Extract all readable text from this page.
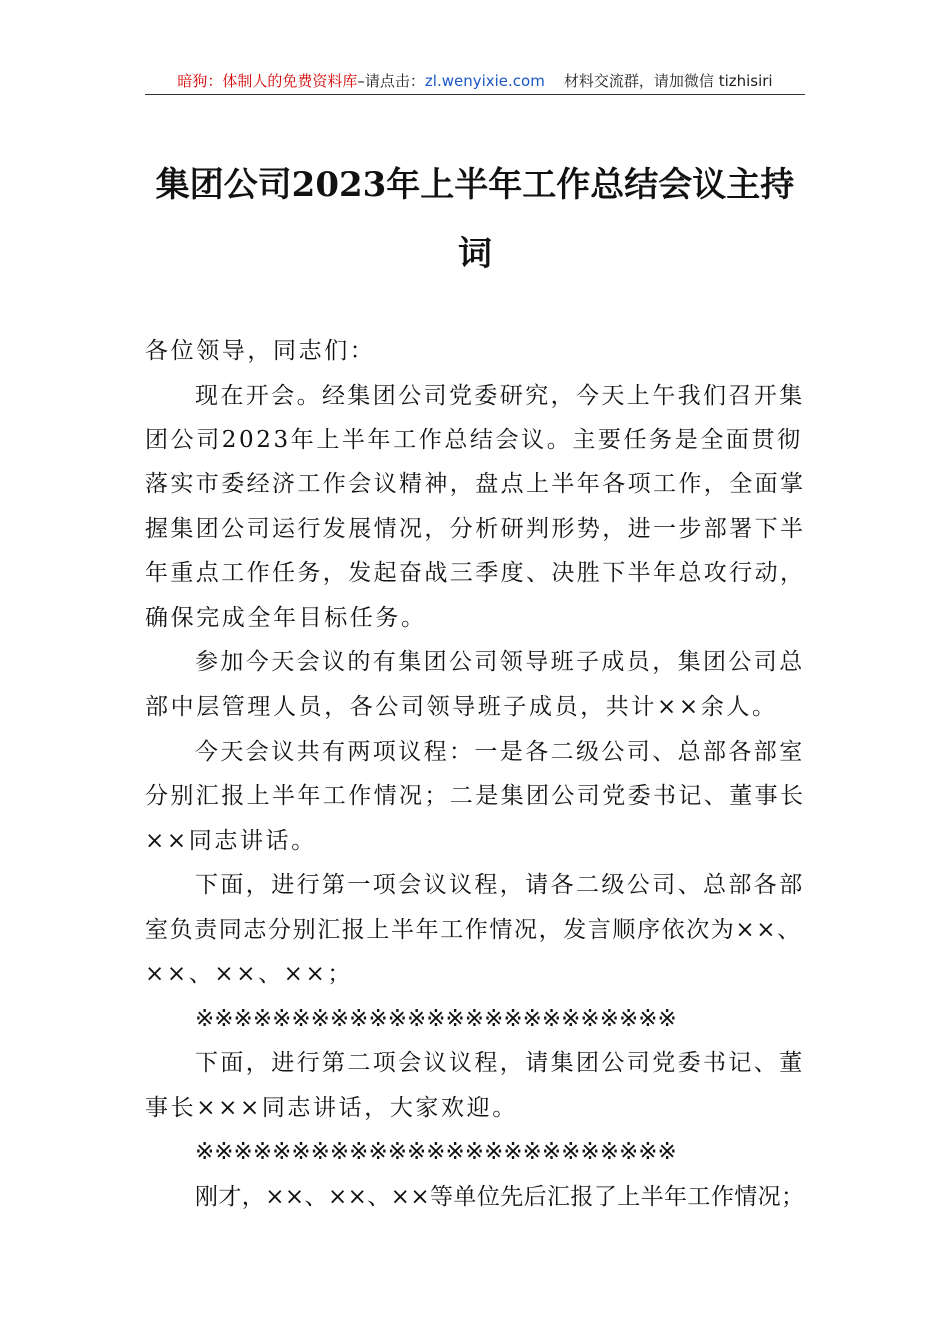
暗狗：体制人的免费资料库–请点击：zl.wenyixie.com 材料交流群，请加微信 tizhisiri
集团公司2023年上半年工作总结会议主持
词
各位领导，同志们：
现在开会。经集团公司党委研究，今天上午我们召开集
团公司2023年上半年工作总结会议。主要任务是全面贯彻
落实市委经济工作会议精神，盘点上半年各项工作，全面掌
握集团公司运行发展情况，分析研判形势，进一步部署下半
年重点工作任务，发起奋战三季度、决胜下半年总攻行动，
确保完成全年目标任务。
参加今天会议的有集团公司领导班子成员，集团公司总
部中层管理人员，各公司领导班子成员，共计××余人。
今天会议共有两项议程：一是各二级公司、总部各部室
分别汇报上半年工作情况；二是集团公司党委书记、董事长
××同志讲话。
下面，进行第一项会议议程，请各二级公司、总部各部
室负责同志分别汇报上半年工作情况，发言顺序依次为××、
××、××、××；
※※※※※※※※※※※※※※※※※※※※※※※※※
下面，进行第二项会议议程，请集团公司党委书记、董
事长×××同志讲话，大家欢迎。
※※※※※※※※※※※※※※※※※※※※※※※※※
刚才，××、××、××等单位先后汇报了上半年工作情况；
